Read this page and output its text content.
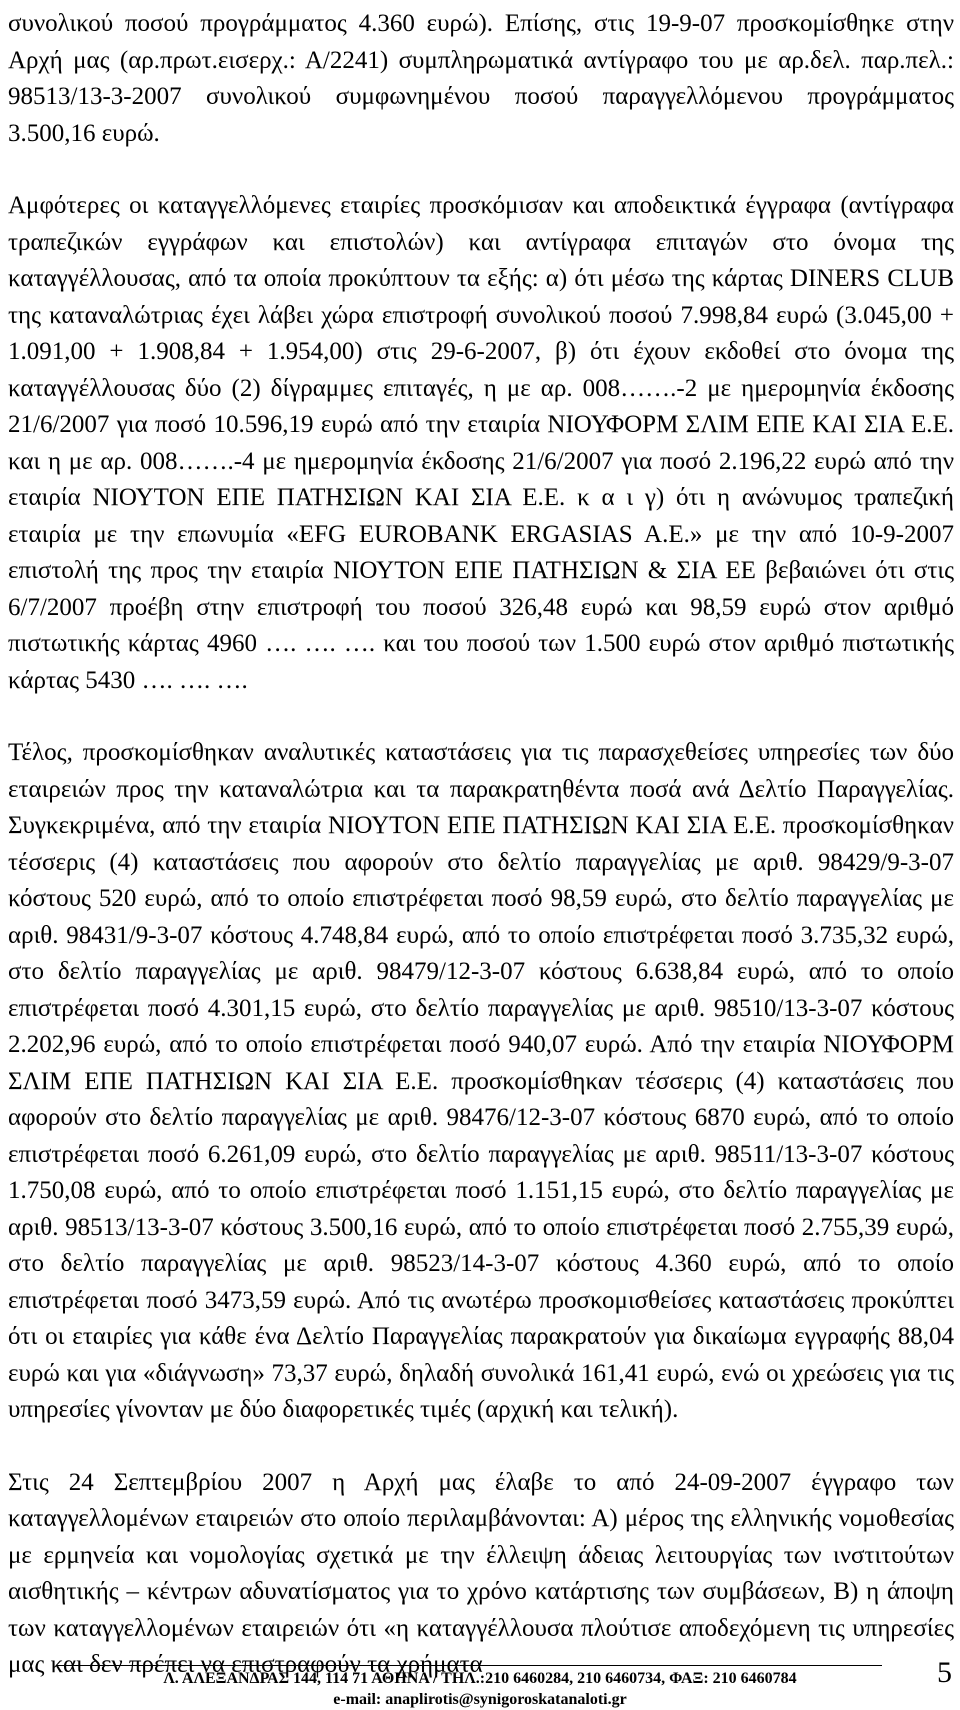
συνολικού ποσού προγράμματος 4.360 ευρώ). Επίσης, στις 19-9-07 προσκομίσθηκε στην Αρχή μας (αρ.πρωτ.εισερχ.: Α/2241) συμπληρωματικά αντίγραφο του με αρ.δελ. παρ.πελ.: 98513/13-3-2007 συνολικού συμφωνημένου ποσού παραγγελλόμενου προγράμματος 3.500,16 ευρώ.

Αμφότερες οι καταγγελλόμενες εταιρίες προσκόμισαν και αποδεικτικά έγγραφα (αντίγραφα τραπεζικών εγγράφων και επιστολών) και αντίγραφα επιταγών στο όνομα της καταγγέλλουσας, από τα οποία προκύπτουν τα εξής: α) ότι μέσω της κάρτας DINERS CLUB της καταναλώτριας έχει λάβει χώρα επιστροφή συνολικού ποσού 7.998,84 ευρώ (3.045,00 + 1.091,00 + 1.908,84 + 1.954,00) στις 29-6-2007, β) ότι έχουν εκδοθεί στο όνομα της καταγγέλλουσας δύο (2) δίγραμμες επιταγές, η με αρ. 008…….-2 με ημερομηνία έκδοσης 21/6/2007 για ποσό 10.596,19 ευρώ από την εταιρία ΝΙΟΥΦΟΡΜ ΣΛΙΜ ΕΠΕ ΚΑΙ ΣΙΑ Ε.Ε. και η με αρ. 008…….-4 με ημερομηνία έκδοσης 21/6/2007 για ποσό 2.196,22 ευρώ από την εταιρία ΝΙΟΥΤΟΝ ΕΠΕ ΠΑΤΗΣΙΩΝ ΚΑΙ ΣΙΑ Ε.Ε. κ α ι γ) ότι η ανώνυμος τραπεζική εταιρία με την επωνυμία «EFG EUROBANK ERGASIAS A.E.» με την από 10-9-2007 επιστολή της προς την εταιρία ΝΙΟΥΤΟΝ ΕΠΕ ΠΑΤΗΣΙΩΝ & ΣΙΑ ΕΕ βεβαιώνει ότι στις 6/7/2007 προέβη στην επιστροφή του ποσού 326,48 ευρώ και 98,59 ευρώ στον αριθμό πιστωτικής κάρτας 4960 …. …. …. και του ποσού των 1.500 ευρώ στον αριθμό πιστωτικής κάρτας 5430 …. …. ….

Τέλος, προσκομίσθηκαν αναλυτικές καταστάσεις για τις παρασχεθείσες υπηρεσίες των δύο εταιρειών προς την καταναλώτρια και τα παρακρατηθέντα ποσά ανά Δελτίο Παραγγελίας. Συγκεκριμένα, από την εταιρία ΝΙΟΥΤΟΝ ΕΠΕ ΠΑΤΗΣΙΩΝ ΚΑΙ ΣΙΑ Ε.Ε. προσκομίσθηκαν τέσσερις (4) καταστάσεις που αφορούν στο δελτίο παραγγελίας με αριθ. 98429/9-3-07 κόστους 520 ευρώ, από το οποίο επιστρέφεται ποσό 98,59 ευρώ, στο δελτίο παραγγελίας με αριθ. 98431/9-3-07 κόστους 4.748,84 ευρώ, από το οποίο επιστρέφεται ποσό 3.735,32 ευρώ, στο δελτίο παραγγελίας με αριθ. 98479/12-3-07 κόστους 6.638,84 ευρώ, από το οποίο επιστρέφεται ποσό 4.301,15 ευρώ, στο δελτίο παραγγελίας με αριθ. 98510/13-3-07 κόστους 2.202,96 ευρώ, από το οποίο επιστρέφεται ποσό 940,07 ευρώ. Από την εταιρία ΝΙΟΥΦΟΡΜ ΣΛΙΜ ΕΠΕ ΠΑΤΗΣΙΩΝ ΚΑΙ ΣΙΑ Ε.Ε. προσκομίσθηκαν τέσσερις (4) καταστάσεις που αφορούν στο δελτίο παραγγελίας με αριθ. 98476/12-3-07 κόστους 6870 ευρώ, από το οποίο επιστρέφεται ποσό 6.261,09 ευρώ, στο δελτίο παραγγελίας με αριθ. 98511/13-3-07 κόστους 1.750,08 ευρώ, από το οποίο επιστρέφεται ποσό 1.151,15 ευρώ, στο δελτίο παραγγελίας με αριθ. 98513/13-3-07 κόστους 3.500,16 ευρώ, από το οποίο επιστρέφεται ποσό 2.755,39 ευρώ, στο δελτίο παραγγελίας με αριθ. 98523/14-3-07 κόστους 4.360 ευρώ, από το οποίο επιστρέφεται ποσό 3473,59 ευρώ. Από τις ανωτέρω προσκομισθείσες καταστάσεις προκύπτει ότι οι εταιρίες για κάθε ένα Δελτίο Παραγγελίας παρακρατούν για δικαίωμα εγγραφής 88,04 ευρώ και για «διάγνωση» 73,37 ευρώ, δηλαδή συνολικά 161,41 ευρώ, ενώ οι χρεώσεις για τις υπηρεσίες γίνονταν με δύο διαφορετικές τιμές (αρχική και τελική).

Στις 24 Σεπτεμβρίου 2007 η Αρχή μας έλαβε το από 24-09-2007 έγγραφο των καταγγελλομένων εταιρειών στο οποίο περιλαμβάνονται: Α) μέρος της ελληνικής νομοθεσίας με ερμηνεία και νομολογίας σχετικά με την έλλειψη άδειας λειτουργίας των ινστιτούτων αισθητικής – κέντρων αδυνατίσματος για το χρόνο κατάρτισης των συμβάσεων, Β) η άποψη των καταγγελλομένων εταιρειών ότι «η καταγγέλλουσα πλούτισε αποδεχόμενη τις υπηρεσίες μας και δεν πρέπει να επιστραφούν τα χρήματα

Λ. ΑΛΕΞΑΝΔΡΑΣ 144, 114 71 ΑΘΗΝΑ / ΤΗΛ.:210 6460284, 210 6460734, ΦΑΞ: 210 6460784
e-mail: anaplirotis@synigoroskatanaloti.gr
5
